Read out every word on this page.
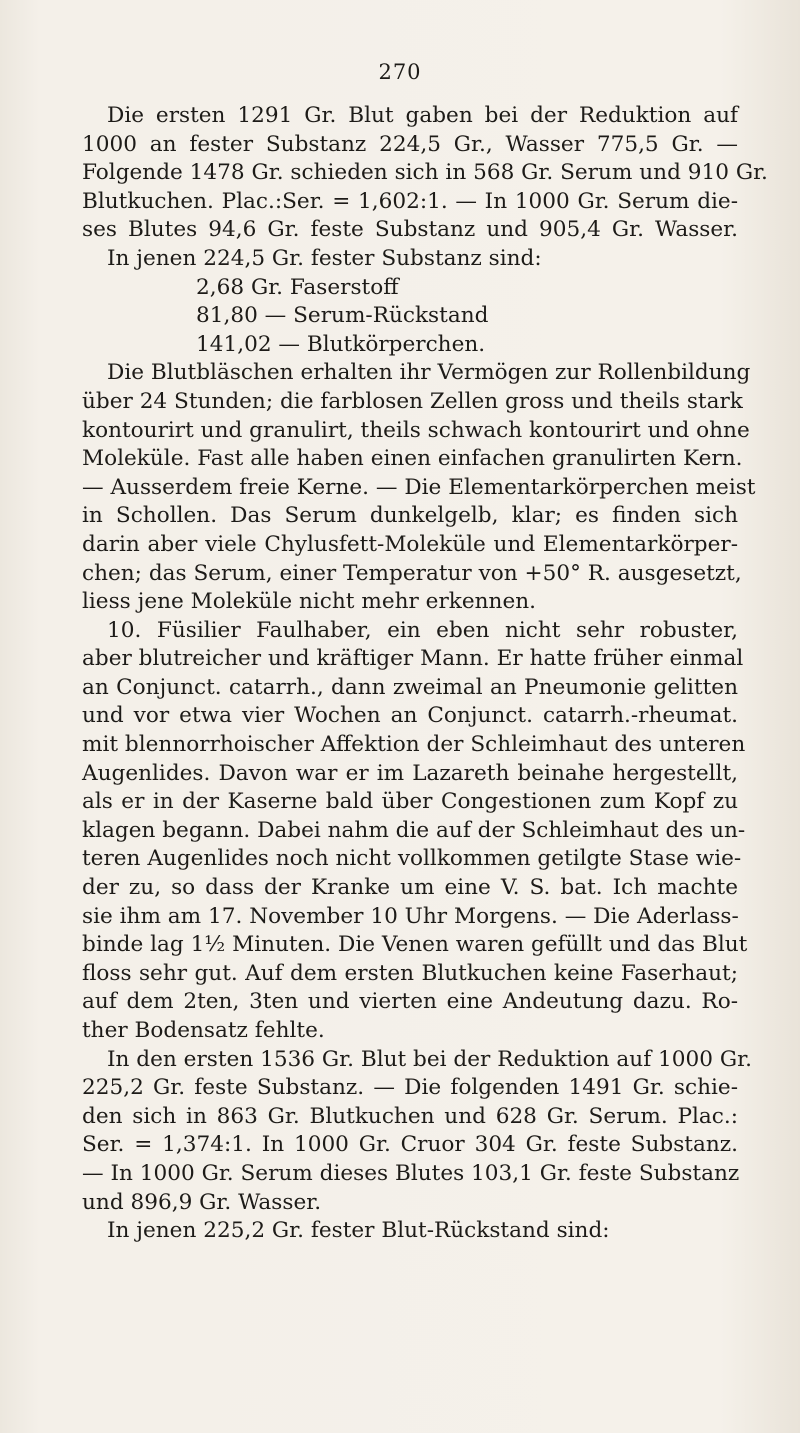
270
Die ersten 1291 Gr. Blut gaben bei der Reduktion auf
1000 an fester Substanz 224,5 Gr., Wasser 775,5 Gr. —
Folgende 1478 Gr. schieden sich in 568 Gr. Serum und 910 Gr.
Blutkuchen. Plac.:Ser. = 1,602:1. — In 1000 Gr. Serum die-
ses Blutes 94,6 Gr. feste Substanz und 905,4 Gr. Wasser.
In jenen 224,5 Gr. fester Substanz sind:
2,68 Gr. Faserstoff
81,80 — Serum-Rückstand
141,02 — Blutkörperchen.
Die Blutbläschen erhalten ihr Vermögen zur Rollenbildung
über 24 Stunden; die farblosen Zellen gross und theils stark
kontourirt und granulirt, theils schwach kontourirt und ohne
Moleküle. Fast alle haben einen einfachen granulirten Kern.
— Ausserdem freie Kerne. — Die Elementarkörperchen meist
in Schollen. Das Serum dunkelgelb, klar; es finden sich
darin aber viele Chylusfett-Moleküle und Elementarkörper-
chen; das Serum, einer Temperatur von +50° R. ausgesetzt,
liess jene Moleküle nicht mehr erkennen.
10. Füsilier Faulhaber, ein eben nicht sehr robuster,
aber blutreicher und kräftiger Mann. Er hatte früher einmal
an Conjunct. catarrh., dann zweimal an Pneumonie gelitten
und vor etwa vier Wochen an Conjunct. catarrh.-rheumat.
mit blennorrhoischer Affektion der Schleimhaut des unteren
Augenlides. Davon war er im Lazareth beinahe hergestellt,
als er in der Kaserne bald über Congestionen zum Kopf zu
klagen begann. Dabei nahm die auf der Schleimhaut des un-
teren Augenlides noch nicht vollkommen getilgte Stase wie-
der zu, so dass der Kranke um eine V. S. bat. Ich machte
sie ihm am 17. November 10 Uhr Morgens. — Die Aderlass-
binde lag 1½ Minuten. Die Venen waren gefüllt und das Blut
floss sehr gut. Auf dem ersten Blutkuchen keine Faserhaut;
auf dem 2ten, 3ten und vierten eine Andeutung dazu. Ro-
ther Bodensatz fehlte.
In den ersten 1536 Gr. Blut bei der Reduktion auf 1000 Gr.
225,2 Gr. feste Substanz. — Die folgenden 1491 Gr. schie-
den sich in 863 Gr. Blutkuchen und 628 Gr. Serum. Plac.:
Ser. = 1,374:1. In 1000 Gr. Cruor 304 Gr. feste Substanz.
— In 1000 Gr. Serum dieses Blutes 103,1 Gr. feste Substanz
und 896,9 Gr. Wasser.
In jenen 225,2 Gr. fester Blut-Rückstand sind:
